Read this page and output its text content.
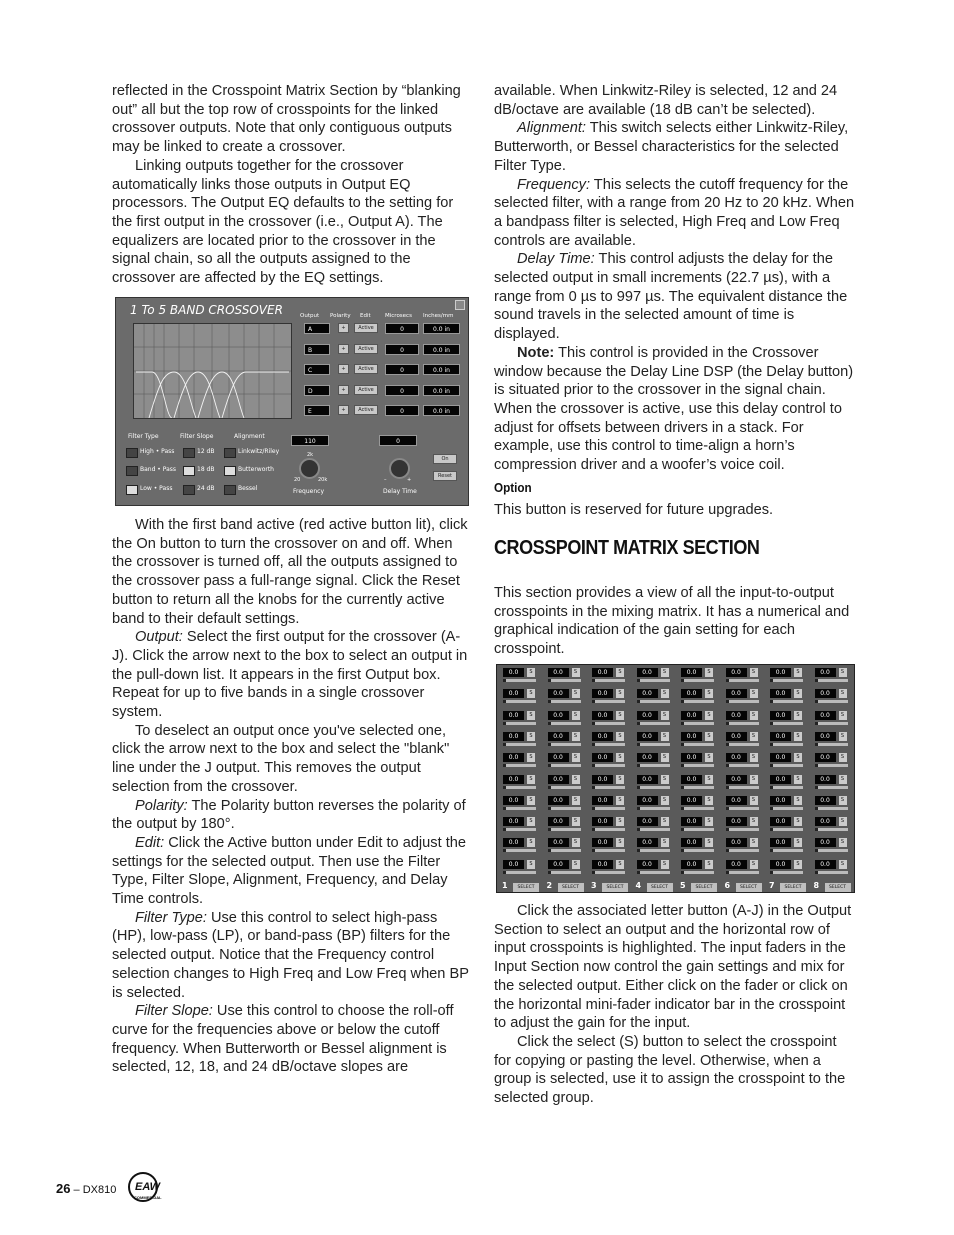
reflected in the Crosspoint Matrix Section by “blanking out” all but the top row of crosspoints for the linked crossover outputs. Note that only contiguous outputs may be linked to create a crossover.

Linking outputs together for the crossover automatically links those outputs in Output EQ processors. The Output EQ defaults to the setting for the first output in the crossover (i.e., Output A). The equalizers are located prior to the crossover in the signal chain, so all the outputs assigned to the crossover are affected by the EQ settings.

1 To 5 BAND CROSSOVER	Output Polarity Edit	Microsecs Inches/mm
A	+	Active	0	0.0 in
B	+	Active	0	0.0 in
C	+	Active	0	0.0 in
D	+	Active	0	0.0 in
E	+	Active	0	0.0 in
Filter Type
High • Pass
Band • Pass
Low • Pass
Filter Slope
12 dB
18 dB
24 dB
Alignment
Linkwitz/Riley
Butterworth
Bessel
110
2k
20	20k
Frequency
0
–	+
Delay Time
On
Reset

With the first band active (red active button lit), click the On button to turn the crossover on and off. When the crossover is turned off, all the outputs assigned to the crossover pass a full-range signal. Click the Reset button to return all the knobs for the currently active band to their default settings.

Output: Select the first output for the crossover (A-J). Click the arrow next to the box to select an output in the pull-down list. It appears in the first Output box. Repeat for up to five bands in a single crossover system.

To deselect an output once you've selected one, click the arrow next to the box and select the "blank" line under the J output. This removes the output selection from the crossover.

Polarity: The Polarity button reverses the polarity of the output by 180°.

Edit: Click the Active button under Edit to adjust the settings for the selected output. Then use the Filter Type, Filter Slope, Alignment, Frequency, and Delay Time controls.

Filter Type: Use this control to select high-pass (HP), low-pass (LP), or band-pass (BP) filters for the selected output. Notice that the Frequency control selection changes to High Freq and Low Freq when BP is selected.

Filter Slope: Use this control to choose the roll-off curve for the frequencies above or below the cutoff frequency. When Butterworth or Bessel alignment is selected, 12, 18, and 24 dB/octave slopes are

available. When Linkwitz-Riley is selected, 12 and 24 dB/octave are available (18 dB can’t be selected).

Alignment: This switch selects either Linkwitz-Riley, Butterworth, or Bessel characteristics for the selected Filter Type.

Frequency: This selects the cutoff frequency for the selected filter, with a range from 20 Hz to 20 kHz. When a bandpass filter is selected, High Freq and Low Freq controls are available.

Delay Time: This control adjusts the delay for the selected output in small increments (22.7 µs), with a range from 0 µs to 997 µs. The equivalent distance the sound travels in the selected amount of time is displayed.

Note: This control is provided in the Crossover window because the Delay Line DSP (the Delay button) is situated prior to the crossover in the signal chain. When the crossover is active, use this delay control to adjust for offsets between drivers in a stack. For example, use this control to time-align a horn’s compression driver and a woofer’s voice coil.

Option
This button is reserved for future upgrades.
CROSSPOINT MATRIX SECTION

This section provides a view of all the input-to-output crosspoints in the mixing matrix. It has a numerical and graphical indication of the gain setting for each crosspoint.

0.0	S	0.0	S	0.0	S	0.0	S	0.0	S	0.0	S	0.0	S	0.0	S
0.0	S	0.0	S	0.0	S	0.0	S	0.0	S	0.0	S	0.0	S	0.0	S
0.0	S	0.0	S	0.0	S	0.0	S	0.0	S	0.0	S	0.0	S	0.0	S
0.0	S	0.0	S	0.0	S	0.0	S	0.0	S	0.0	S	0.0	S	0.0	S
0.0	S	0.0	S	0.0	S	0.0	S	0.0	S	0.0	S	0.0	S	0.0	S
0.0	S	0.0	S	0.0	S	0.0	S	0.0	S	0.0	S	0.0	S	0.0	S
0.0	S	0.0	S	0.0	S	0.0	S	0.0	S	0.0	S	0.0	S	0.0	S
0.0	S	0.0	S	0.0	S	0.0	S	0.0	S	0.0	S	0.0	S	0.0	S
0.0	S	0.0	S	0.0	S	0.0	S	0.0	S	0.0	S	0.0	S	0.0	S
0.0	S	0.0	S	0.0	S	0.0	S	0.0	S	0.0	S	0.0	S	0.0	S
1	SELECT	2	SELECT	3	SELECT	4	SELECT	5	SELECT	6	SELECT	7	SELECT	8	SELECT

Click the associated letter button (A-J) in the Output Section to select an output and the horizontal row of input crosspoints is highlighted. The input faders in the Input Section now control the gain settings and mix for the selected output. Either click on the fader or click on the horizontal mini-fader indicator bar in the crosspoint to adjust the gain for the input.

Click the select (S) button to select the crosspoint for copying or pasting the level. Otherwise, when a group is selected, use it to assign the crosspoint to the selected group.

26 – DX810 EAW
COMMERCIAL
